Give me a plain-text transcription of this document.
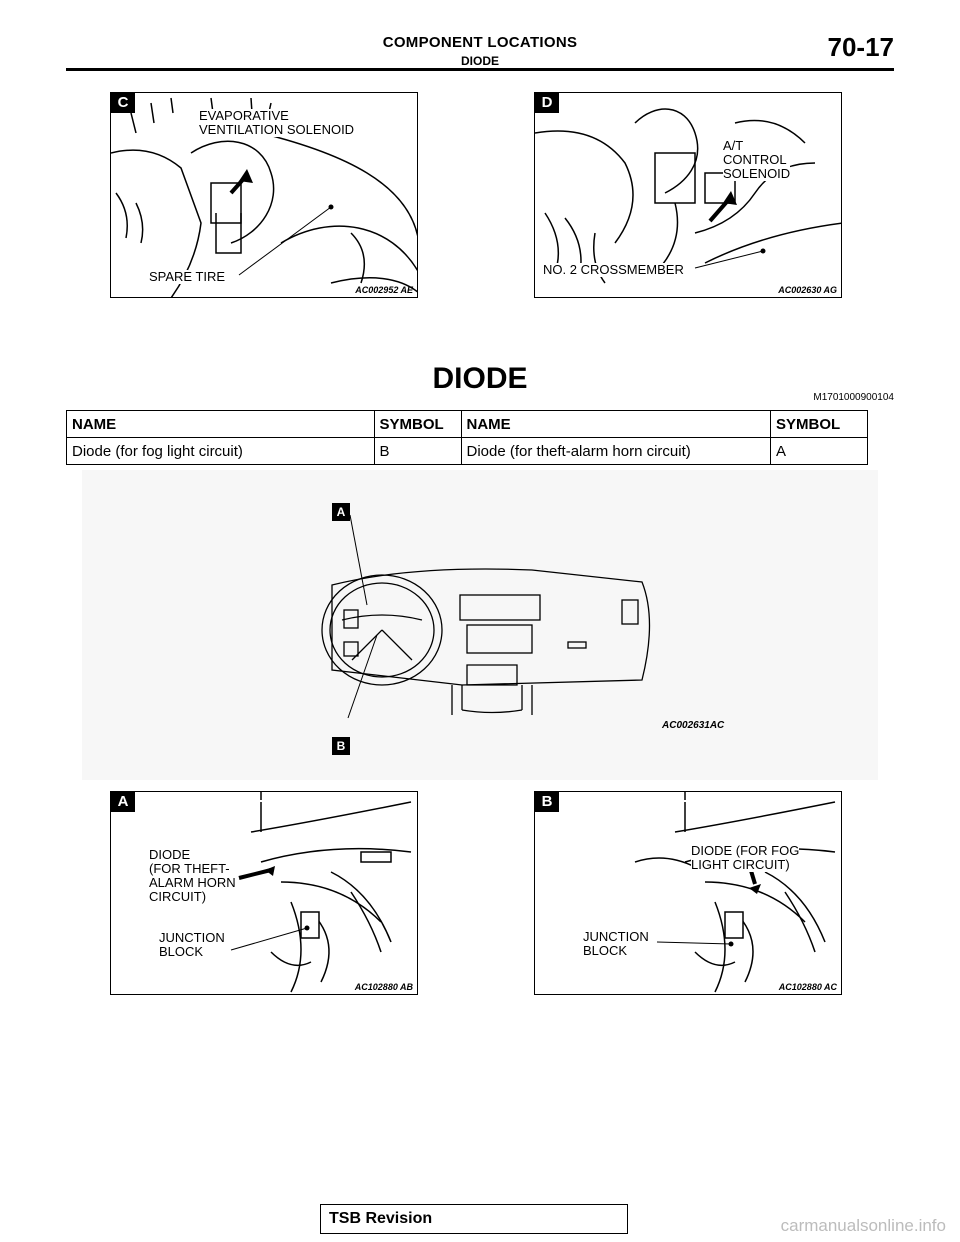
COMPONENT LOCATIONS
DIODE	70-17
C
EVAPORATIVE
VENTILATION SOLENOID
SPARE TIRE
AC002952 AE
D
A/T
CONTROL
SOLENOID
NO. 2 CROSSMEMBER
AC002630 AG
DIODE
M1701000900104
NAME	SYMBOL	NAME	SYMBOL
Diode (for fog light circuit)	B	Diode (for theft-alarm horn circuit)	A
AC002631AC
A
B
A
DIODE
(FOR THEFT-
ALARM HORN
CIRCUIT)
JUNCTION
BLOCK
AC102880 AB
B
DIODE (FOR FOG
LIGHT CIRCUIT)
JUNCTION
BLOCK
AC102880 AC
TSB Revision	carmanualsonline.info
